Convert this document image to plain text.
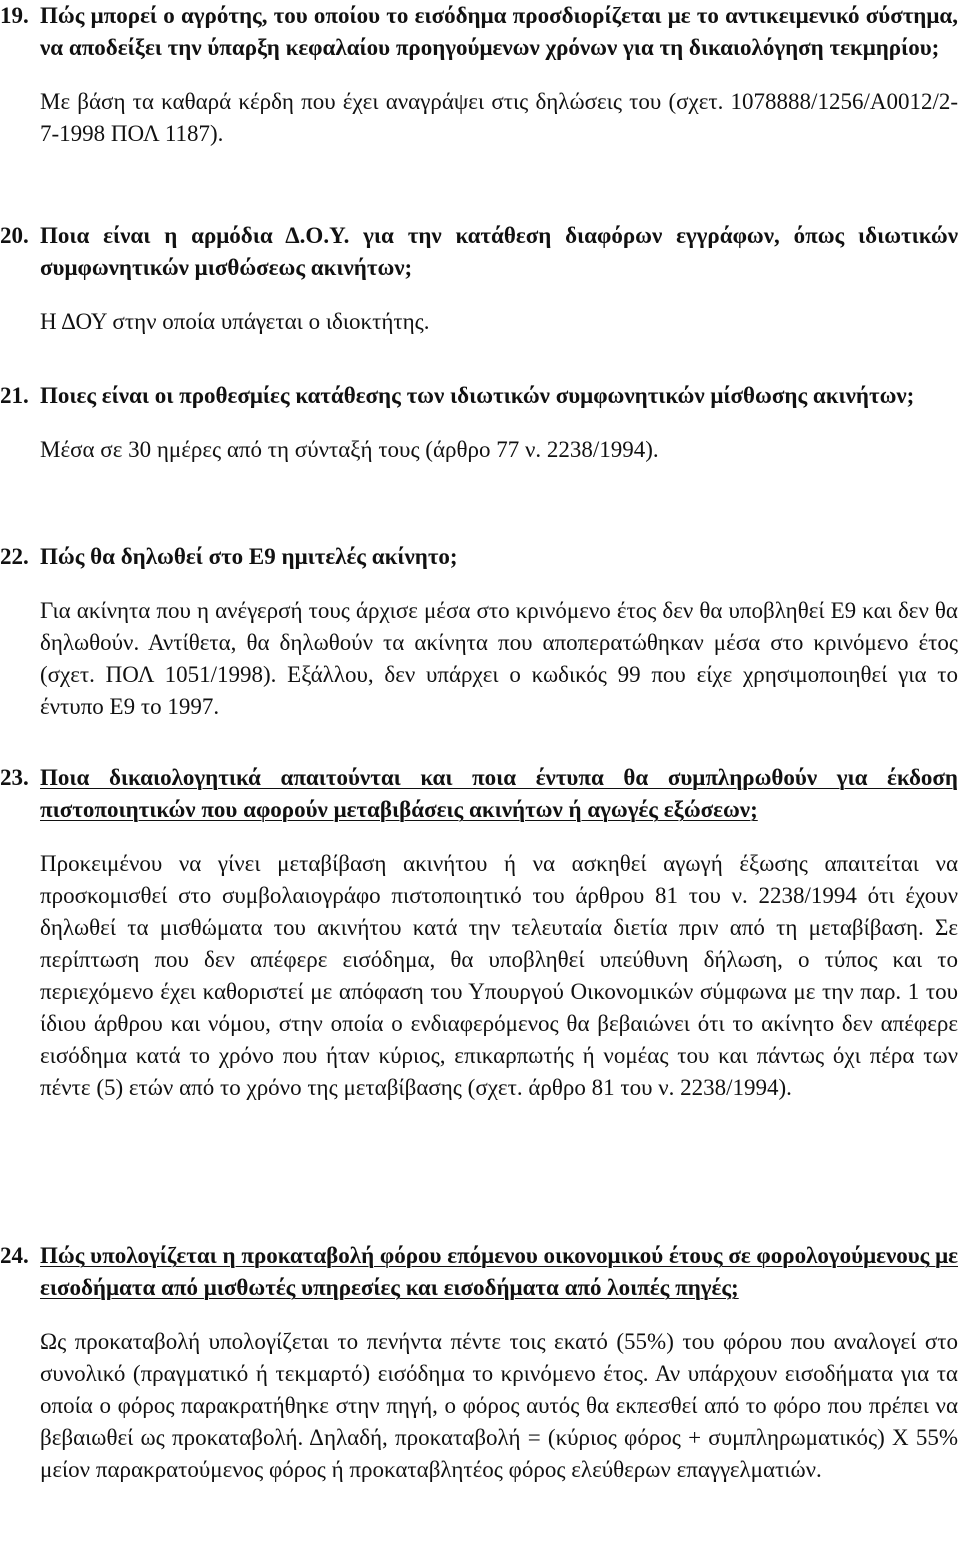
19. Πώς μπορεί ο αγρότης, του οποίου το εισόδημα προσδιορίζεται με το αντικειμενικό σύστημα, να αποδείξει την ύπαρξη κεφαλαίου προηγούμενων χρόνων για τη δικαιολόγηση τεκμηρίου;

Με βάση τα καθαρά κέρδη που έχει αναγράψει στις δηλώσεις του (σχετ. 1078888/1256/Α0012/2-7-1998 ΠΟΛ 1187).

20. Ποια είναι η αρμόδια Δ.Ο.Υ. για την κατάθεση διαφόρων εγγράφων, όπως ιδιωτικών συμφωνητικών μισθώσεως ακινήτων;

Η ΔΟΥ στην οποία υπάγεται ο ιδιοκτήτης.

21. Ποιες είναι οι προθεσμίες κατάθεσης των ιδιωτικών συμφωνητικών μίσθωσης ακινήτων;

Μέσα σε 30 ημέρες από τη σύνταξή τους (άρθρο 77 ν. 2238/1994).

22. Πώς θα δηλωθεί στο Ε9 ημιτελές ακίνητο;

Για ακίνητα που η ανέγερσή τους άρχισε μέσα στο κρινόμενο έτος δεν θα υποβληθεί Ε9 και δεν θα δηλωθούν. Αντίθετα, θα δηλωθούν τα ακίνητα που αποπερατώθηκαν μέσα στο κρινόμενο έτος (σχετ. ΠΟΛ 1051/1998). Εξάλλου, δεν υπάρχει ο κωδικός 99 που είχε χρησιμοποιηθεί για το έντυπο Ε9 το 1997.

23. Ποια δικαιολογητικά απαιτούνται και ποια έντυπα θα συμπληρωθούν για έκδοση πιστοποιητικών που αφορούν μεταβιβάσεις ακινήτων ή αγωγές εξώσεων;

Προκειμένου να γίνει μεταβίβαση ακινήτου ή να ασκηθεί αγωγή έξωσης απαιτείται να προσκομισθεί στο συμβολαιογράφο πιστοποιητικό του άρθρου 81 του ν. 2238/1994 ότι έχουν δηλωθεί τα μισθώματα του ακινήτου κατά την τελευταία διετία πριν από τη μεταβίβαση. Σε περίπτωση που δεν απέφερε εισόδημα, θα υποβληθεί υπεύθυνη δήλωση, ο τύπος και το περιεχόμενο έχει καθοριστεί με απόφαση του Υπουργού Οικονομικών σύμφωνα με την παρ. 1 του ίδιου άρθρου και νόμου, στην οποία ο ενδιαφερόμενος θα βεβαιώνει ότι το ακίνητο δεν απέφερε εισόδημα κατά το χρόνο που ήταν κύριος, επικαρπωτής ή νομέας του και πάντως όχι πέρα των πέντε (5) ετών από το χρόνο της μεταβίβασης (σχετ. άρθρο 81 του ν. 2238/1994).

24. Πώς υπολογίζεται η προκαταβολή φόρου επόμενου οικονομικού έτους σε φορολογούμενους με εισοδήματα από μισθωτές υπηρεσίες και εισοδήματα από λοιπές πηγές;

Ως προκαταβολή υπολογίζεται το πενήντα πέντε τοις εκατό (55%) του φόρου που αναλογεί στο συνολικό (πραγματικό ή τεκμαρτό) εισόδημα το κρινόμενο έτος. Αν υπάρχουν εισοδήματα για τα οποία ο φόρος παρακρατήθηκε στην πηγή, ο φόρος αυτός θα εκπεσθεί από το φόρο που πρέπει να βεβαιωθεί ως προκαταβολή. Δηλαδή, προκαταβολή = (κύριος φόρος + συμπληρωματικός) Χ 55% μείον παρακρατούμενος φόρος ή προκαταβλητέος φόρος ελεύθερων επαγγελματιών.
